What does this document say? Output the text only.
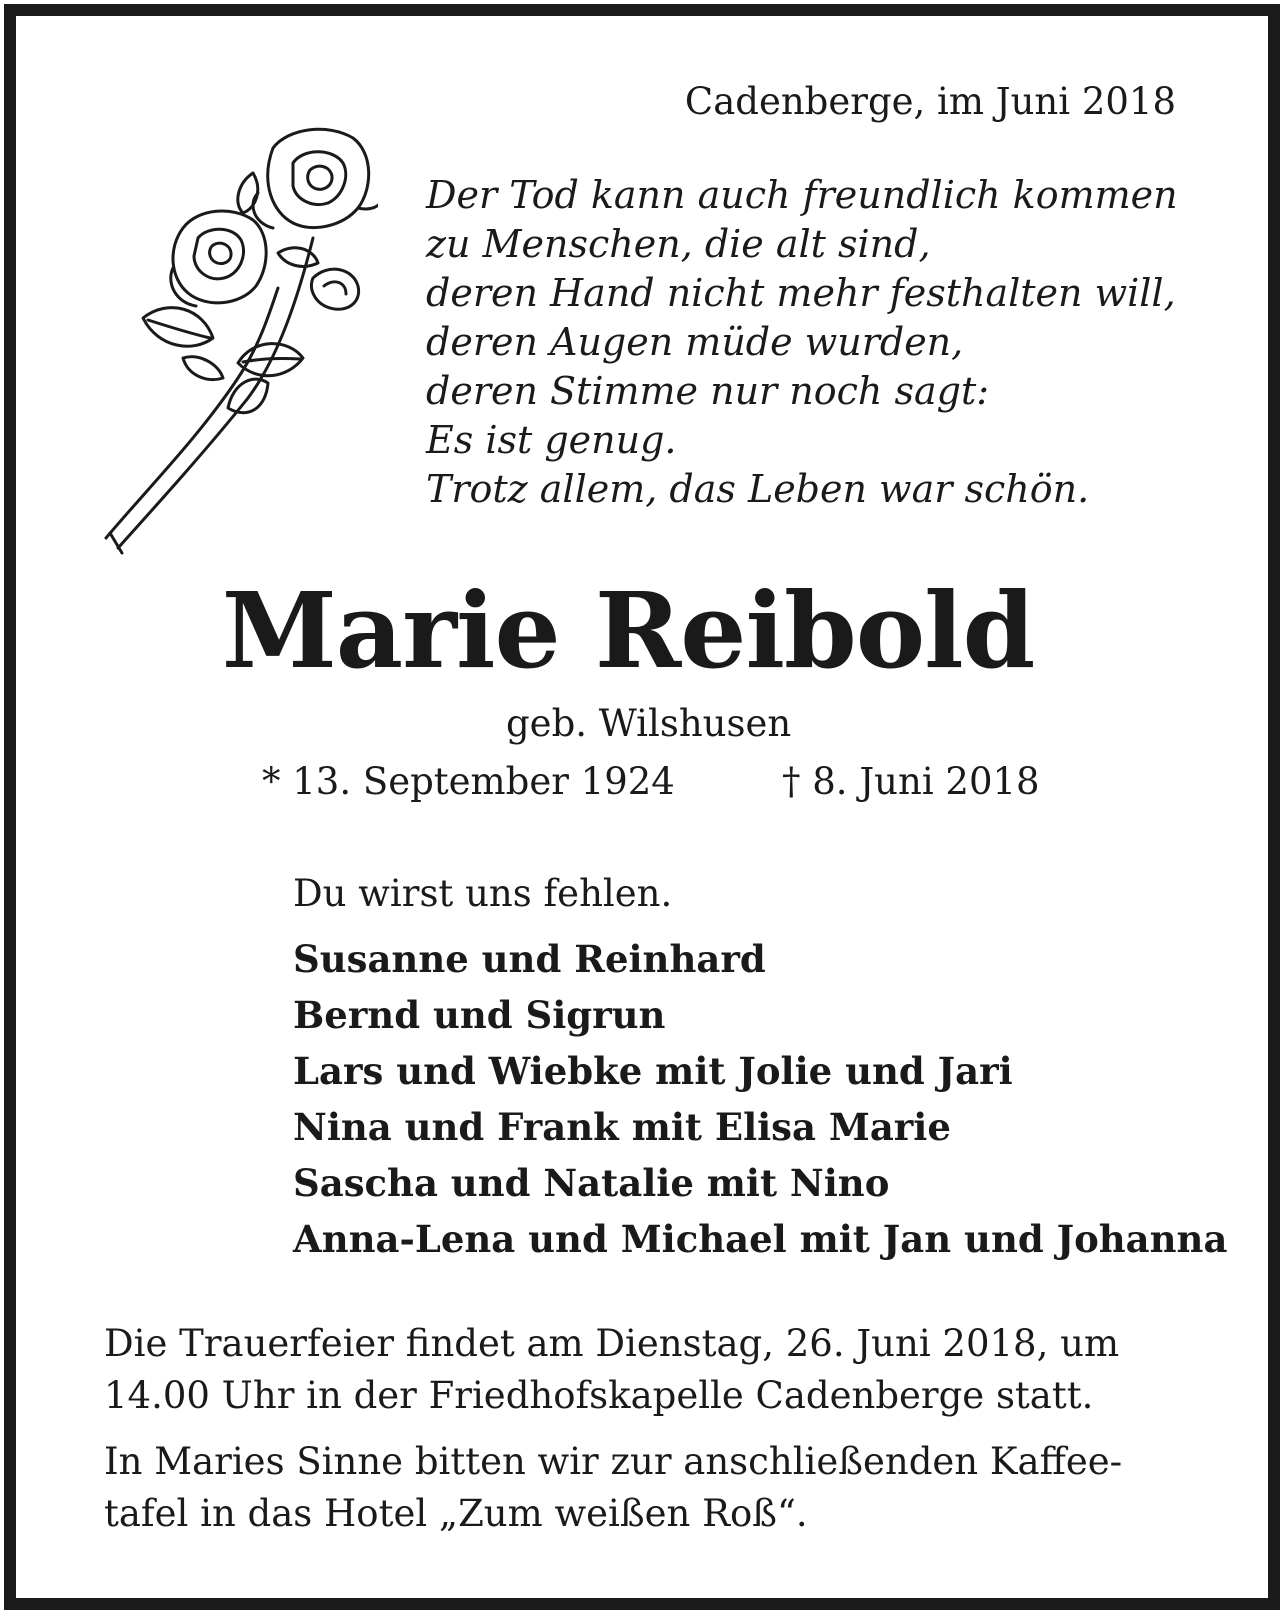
Cadenberge, im Juni 2018
Der Tod kann auch freundlich kommen
zu Menschen, die alt sind,
deren Hand nicht mehr festhalten will,
deren Augen müde wurden,
deren Stimme nur noch sagt:
Es ist genug.
Trotz allem, das Leben war schön.
Marie Reibold
geb. Wilshusen
* 13. September 1924	† 8. Juni 2018
Du wirst uns fehlen.
Susanne und Reinhard
Bernd und Sigrun
Lars und Wiebke mit Jolie und Jari
Nina und Frank mit Elisa Marie
Sascha und Natalie mit Nino
Anna-Lena und Michael mit Jan und Johanna

Die Trauerfeier findet am Dienstag, 26. Juni 2018, um
14.00 Uhr in der Friedhofskapelle Cadenberge statt.

In Maries Sinne bitten wir zur anschließenden Kaffee-
tafel in das Hotel „Zum weißen Roß“.
